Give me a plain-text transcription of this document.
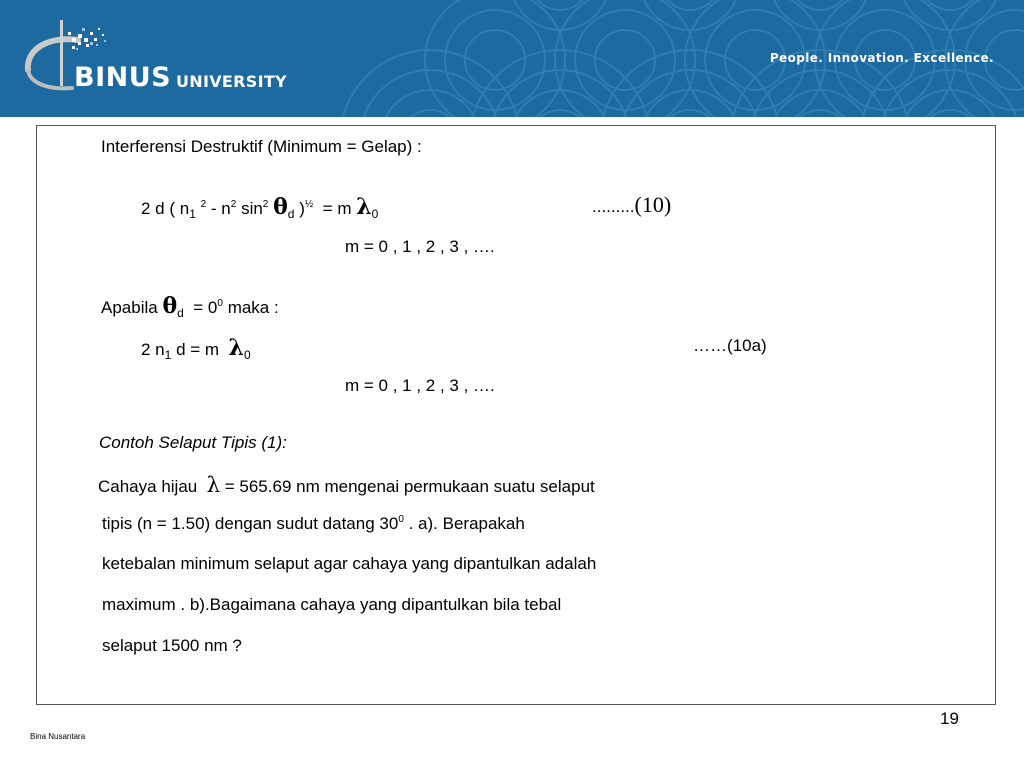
BINUS UNIVERSITY
People. Innovation. Excellence.
Interferensi Destruktif (Minimum = Gelap) :
2 d ( $n_1$ $^2 - n^2$ $\sin^2 \theta_d$ )$^{\frac{1}{2}}$ = m $\lambda_0$	.........(10)
m = 0 , 1 , 2 , 3 , ….
Apabila $\theta_d = 0^0$ maka :
2 $n_1$ d = m $\lambda_0$	……(10a)
m = 0 , 1 , 2 , 3 , ….
Contoh Selaput Tipis (1):
Cahaya hijau λ = 565.69 nm mengenai permukaan suatu selaput
tipis (n = 1.50) dengan sudut datang $30^0$ . a). Berapakah
ketebalan minimum selaput agar cahaya yang dipantulkan adalah
maximum . b).Bagaimana cahaya yang dipantulkan bila tebal
selaput 1500 nm ?
19
Bina Nusantara
